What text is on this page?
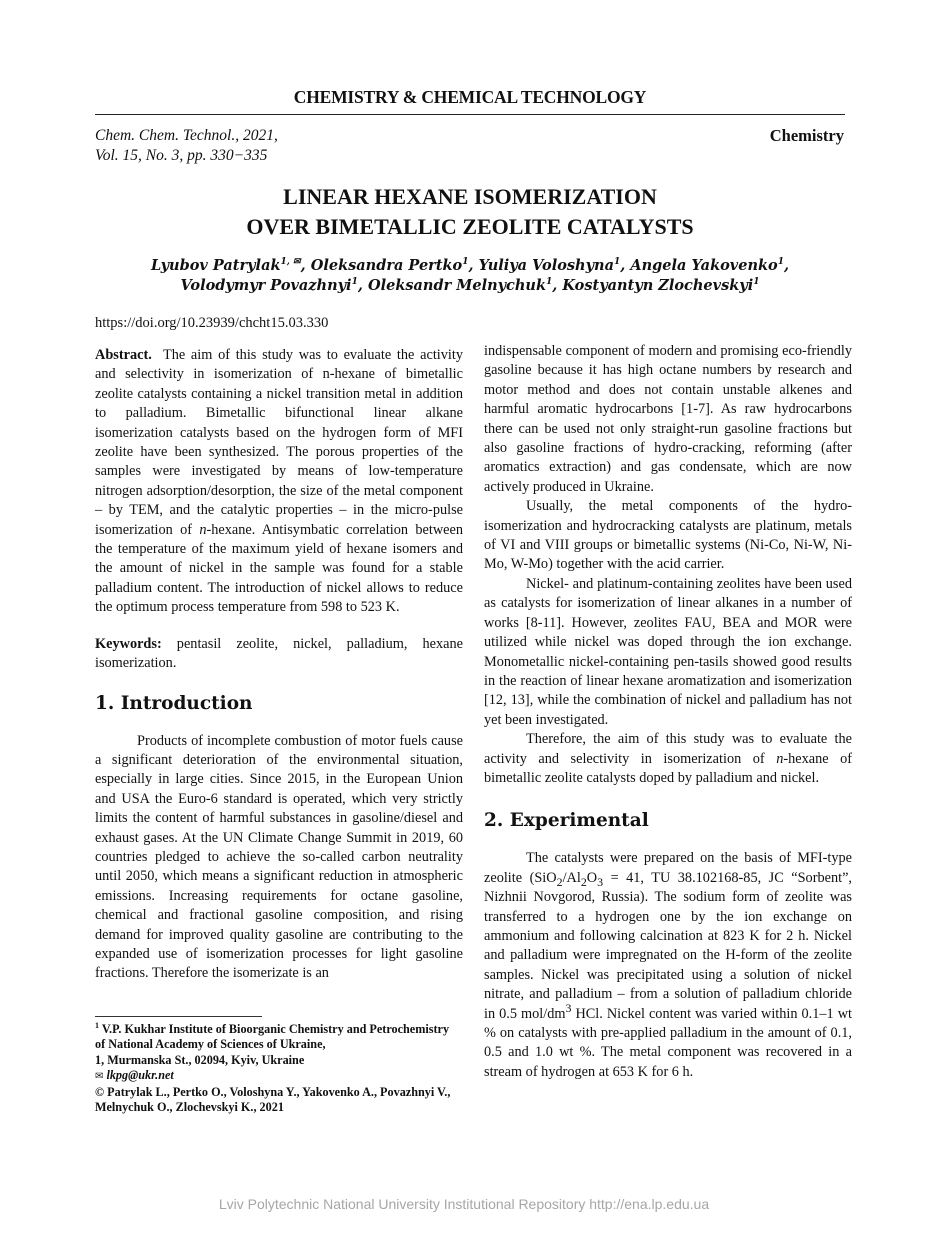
CHEMISTRY & CHEMICAL TECHNOLOGY
Chem. Chem. Technol., 2021,
Vol. 15, No. 3, pp. 330−335
Chemistry
LINEAR HEXANE ISOMERIZATION
OVER BIMETALLIC ZEOLITE CATALYSTS
Lyubov Patrylak$^{1, ✉}$, Oleksandra Pertko$^1$, Yuliya Voloshyna$^1$, Angela Yakovenko$^1$,
Volodymyr Povazhnyi$^1$, Oleksandr Melnychuk$^1$, Kostyantyn Zlochevskyi$^1$
https://doi.org/10.23939/chcht15.03.330

Abstract. The aim of this study was to evaluate the activity and selectivity in isomerization of n-hexane of bimetallic zeolite catalysts containing a nickel transition metal in addition to palladium. Bimetallic bifunctional linear alkane isomerization catalysts based on the hydrogen form of MFI zeolite have been synthesized. The porous properties of the samples were investigated by means of low-temperature nitrogen adsorption/desorption, the size of the metal component – by TEM, and the catalytic properties – in the micro-pulse isomerization of n-hexane. Antisymbatic correlation between the temperature of the maximum yield of hexane isomers and the amount of nickel in the sample was found for a stable palladium content. The introduction of nickel allows to reduce the optimum process temperature from 598 to 523 K.

Keywords: pentasil zeolite, nickel, palladium, hexane isomerization.

1. Introduction

Products of incomplete combustion of motor fuels cause a significant deterioration of the environmental situation, especially in large cities. Since 2015, in the European Union and USA the Euro-6 standard is operated, which very strictly limits the content of harmful substances in gasoline/diesel and exhaust gases. At the UN Climate Change Summit in 2019, 60 countries pledged to achieve the so-called carbon neutrality until 2050, which means a significant reduction in atmospheric emissions. Increasing requirements for octane gasoline, chemical and fractional gasoline composition, and rising demand for improved quality gasoline are contributing to the expanded use of isomerization processes for light gasoline fractions. Therefore the isomerizate is an

$^1$ V.P. Kukhar Institute of Bioorganic Chemistry and Petrochemistry

of National Academy of Sciences of Ukraine,

1, Murmanska St., 02094, Kyiv, Ukraine

✉ lkpg@ukr.net

© Patrylak L., Pertko O., Voloshyna Y., Yakovenko A., Povazhnyi V., Melnychuk O., Zlochevskyi K., 2021

indispensable component of modern and promising eco-friendly gasoline because it has high octane numbers by research and motor method and does not contain unstable alkenes and harmful aromatic hydrocarbons [1-7]. As raw hydrocarbons there can be used not only straight-run gasoline fractions but also gasoline fractions of hydro-cracking, reforming (after aromatics extraction) and gas condensate, which are now actively produced in Ukraine.

Usually, the metal components of the hydro-isomerization and hydrocracking catalysts are platinum, metals of VI and VIII groups or bimetallic systems (Ni-Co, Ni-W, Ni-Mo, W-Mo) together with the acid carrier.

Nickel- and platinum-containing zeolites have been used as catalysts for isomerization of linear alkanes in a number of works [8-11]. However, zeolites FAU, BEA and MOR were utilized while nickel was doped through the ion exchange. Monometallic nickel-containing pen-tasils showed good results in the reaction of linear hexane aromatization and isomerization [12, 13], while the combination of nickel and palladium has not yet been investigated.

Therefore, the aim of this study was to evaluate the activity and selectivity in isomerization of n-hexane of bimetallic zeolite catalysts doped by palladium and nickel.

2. Experimental

The catalysts were prepared on the basis of MFI-type zeolite ($SiO_2/Al_2O_3 = 41$, TU 38.102168-85, JC “Sorbent”, Nizhnii Novgorod, Russia). The sodium form of zeolite was transferred to a hydrogen one by the ion exchange on ammonium and following calcination at 823 K for 2 h. Nickel and palladium were impregnated on the H-form of the zeolite samples. Nickel was precipitated using a solution of nickel nitrate, and palladium – from a solution of palladium chloride in 0.5 mol/$dm^3$ HCl. Nickel content was varied within 0.1–1 wt % on catalysts with pre-applied palladium in the amount of 0.1, 0.5 and 1.0 wt %. The metal component was recovered in a stream of hydrogen at 653 K for 6 h.

Lviv Polytechnic National University Institutional Repository http://ena.lp.edu.ua
